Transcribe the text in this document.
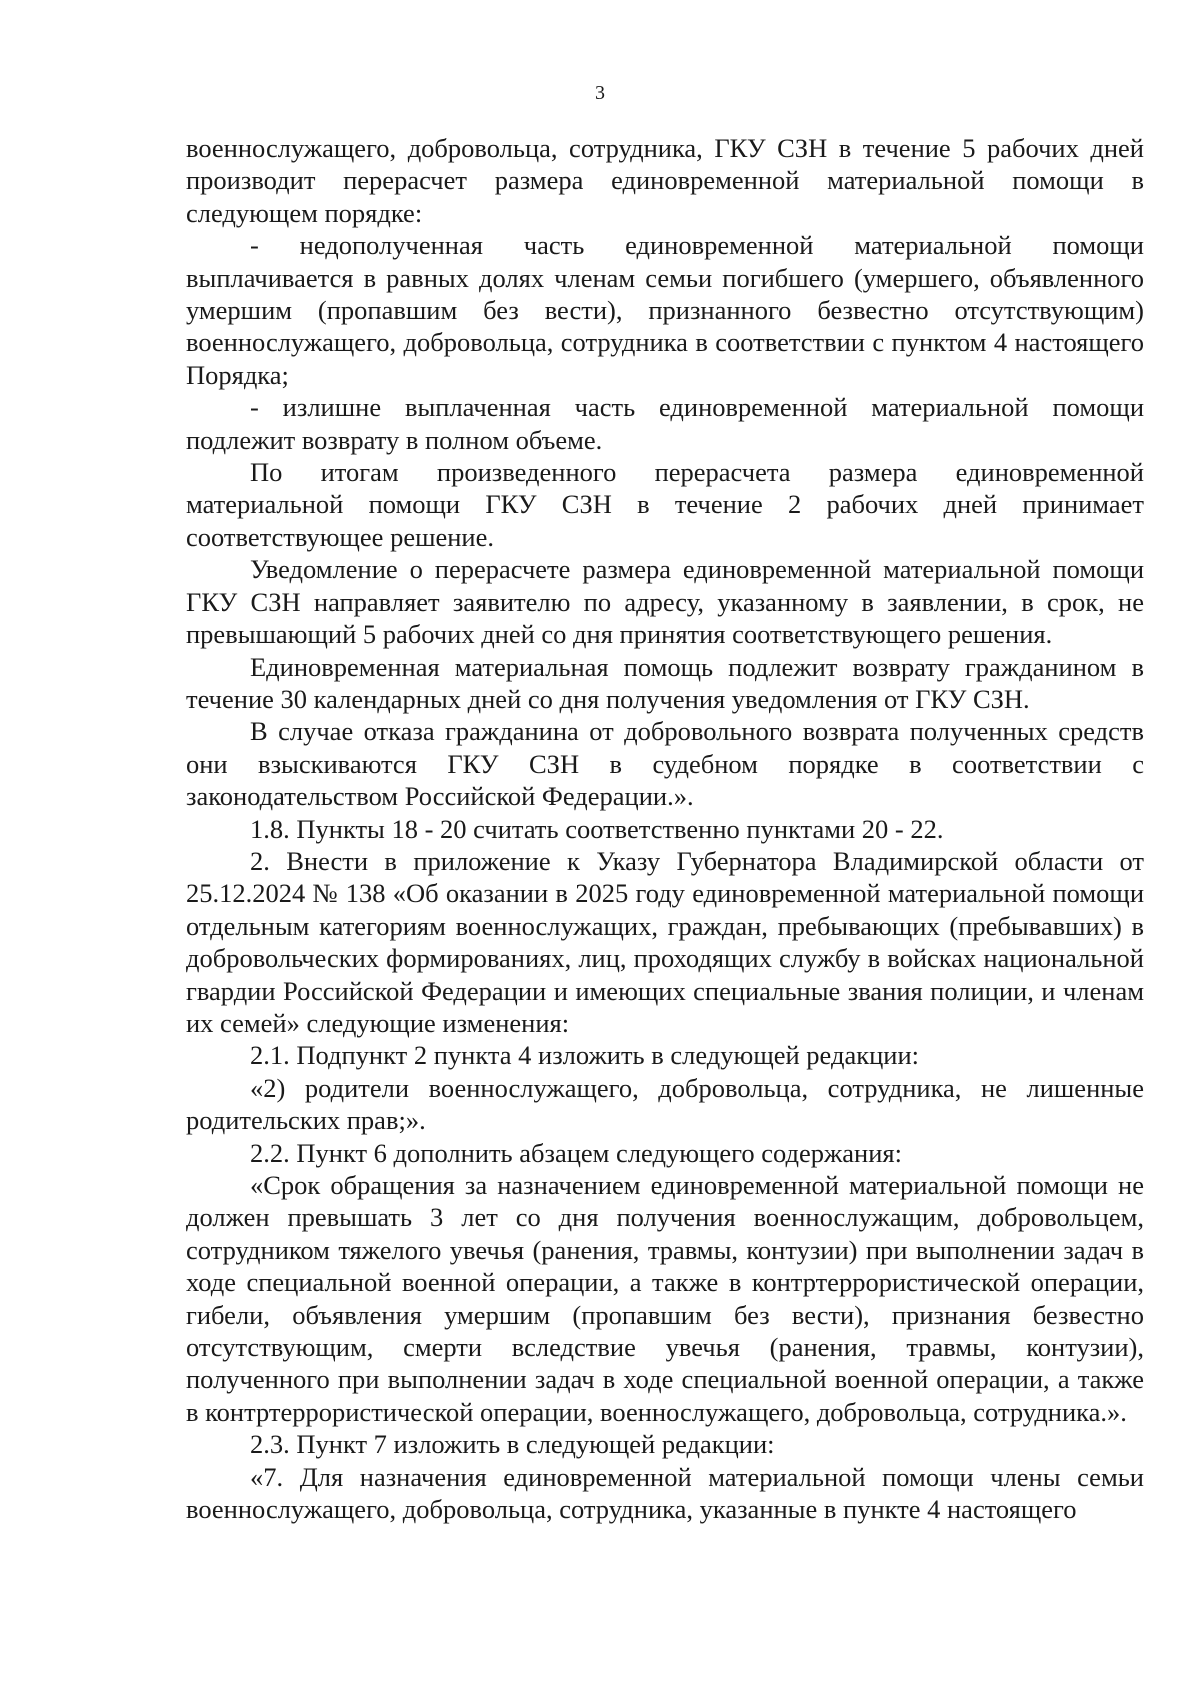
3

военнослужащего, добровольца, сотрудника, ГКУ СЗН в течение 5 рабочих дней производит перерасчет размера единовременной материальной помощи в следующем порядке:

- недополученная часть единовременной материальной помощи выплачивается в равных долях членам семьи погибшего (умершего, объявленного умершим (пропавшим без вести), признанного безвестно отсутствующим) военнослужащего, добровольца, сотрудника в соответствии с пунктом 4 настоящего Порядка;

- излишне выплаченная часть единовременной материальной помощи подлежит возврату в полном объеме.

По итогам произведенного перерасчета размера единовременной материальной помощи ГКУ СЗН в течение 2 рабочих дней принимает соответствующее решение.

Уведомление о перерасчете размера единовременной материальной помощи ГКУ СЗН направляет заявителю по адресу, указанному в заявлении, в срок, не превышающий 5 рабочих дней со дня принятия соответствующего решения.

Единовременная материальная помощь подлежит возврату гражданином в течение 30 календарных дней со дня получения уведомления от ГКУ СЗН.

В случае отказа гражданина от добровольного возврата полученных средств они взыскиваются ГКУ СЗН в судебном порядке в соответствии с законодательством Российской Федерации.».

1.8. Пункты 18 - 20 считать соответственно пунктами 20 - 22.

2. Внести в приложение к Указу Губернатора Владимирской области от 25.12.2024 № 138 «Об оказании в 2025 году единовременной материальной помощи отдельным категориям военнослужащих, граждан, пребывающих (пребывавших) в добровольческих формированиях, лиц, проходящих службу в войсках национальной гвардии Российской Федерации и имеющих специальные звания полиции, и членам их семей» следующие изменения:

2.1. Подпункт 2 пункта 4 изложить в следующей редакции:

«2) родители военнослужащего, добровольца, сотрудника, не лишенные родительских прав;».

2.2. Пункт 6 дополнить абзацем следующего содержания:

«Срок обращения за назначением единовременной материальной помощи не должен превышать 3 лет со дня получения военнослужащим, добровольцем, сотрудником тяжелого увечья (ранения, травмы, контузии) при выполнении задач в ходе специальной военной операции, а также в контртеррористической операции, гибели, объявления умершим (пропавшим без вести), признания безвестно отсутствующим, смерти вследствие увечья (ранения, травмы, контузии), полученного при выполнении задач в ходе специальной военной операции, а также в контртеррористической операции, военнослужащего, добровольца, сотрудника.».

2.3. Пункт 7 изложить в следующей редакции:

«7. Для назначения единовременной материальной помощи члены семьи военнослужащего, добровольца, сотрудника, указанные в пункте 4 настоящего
